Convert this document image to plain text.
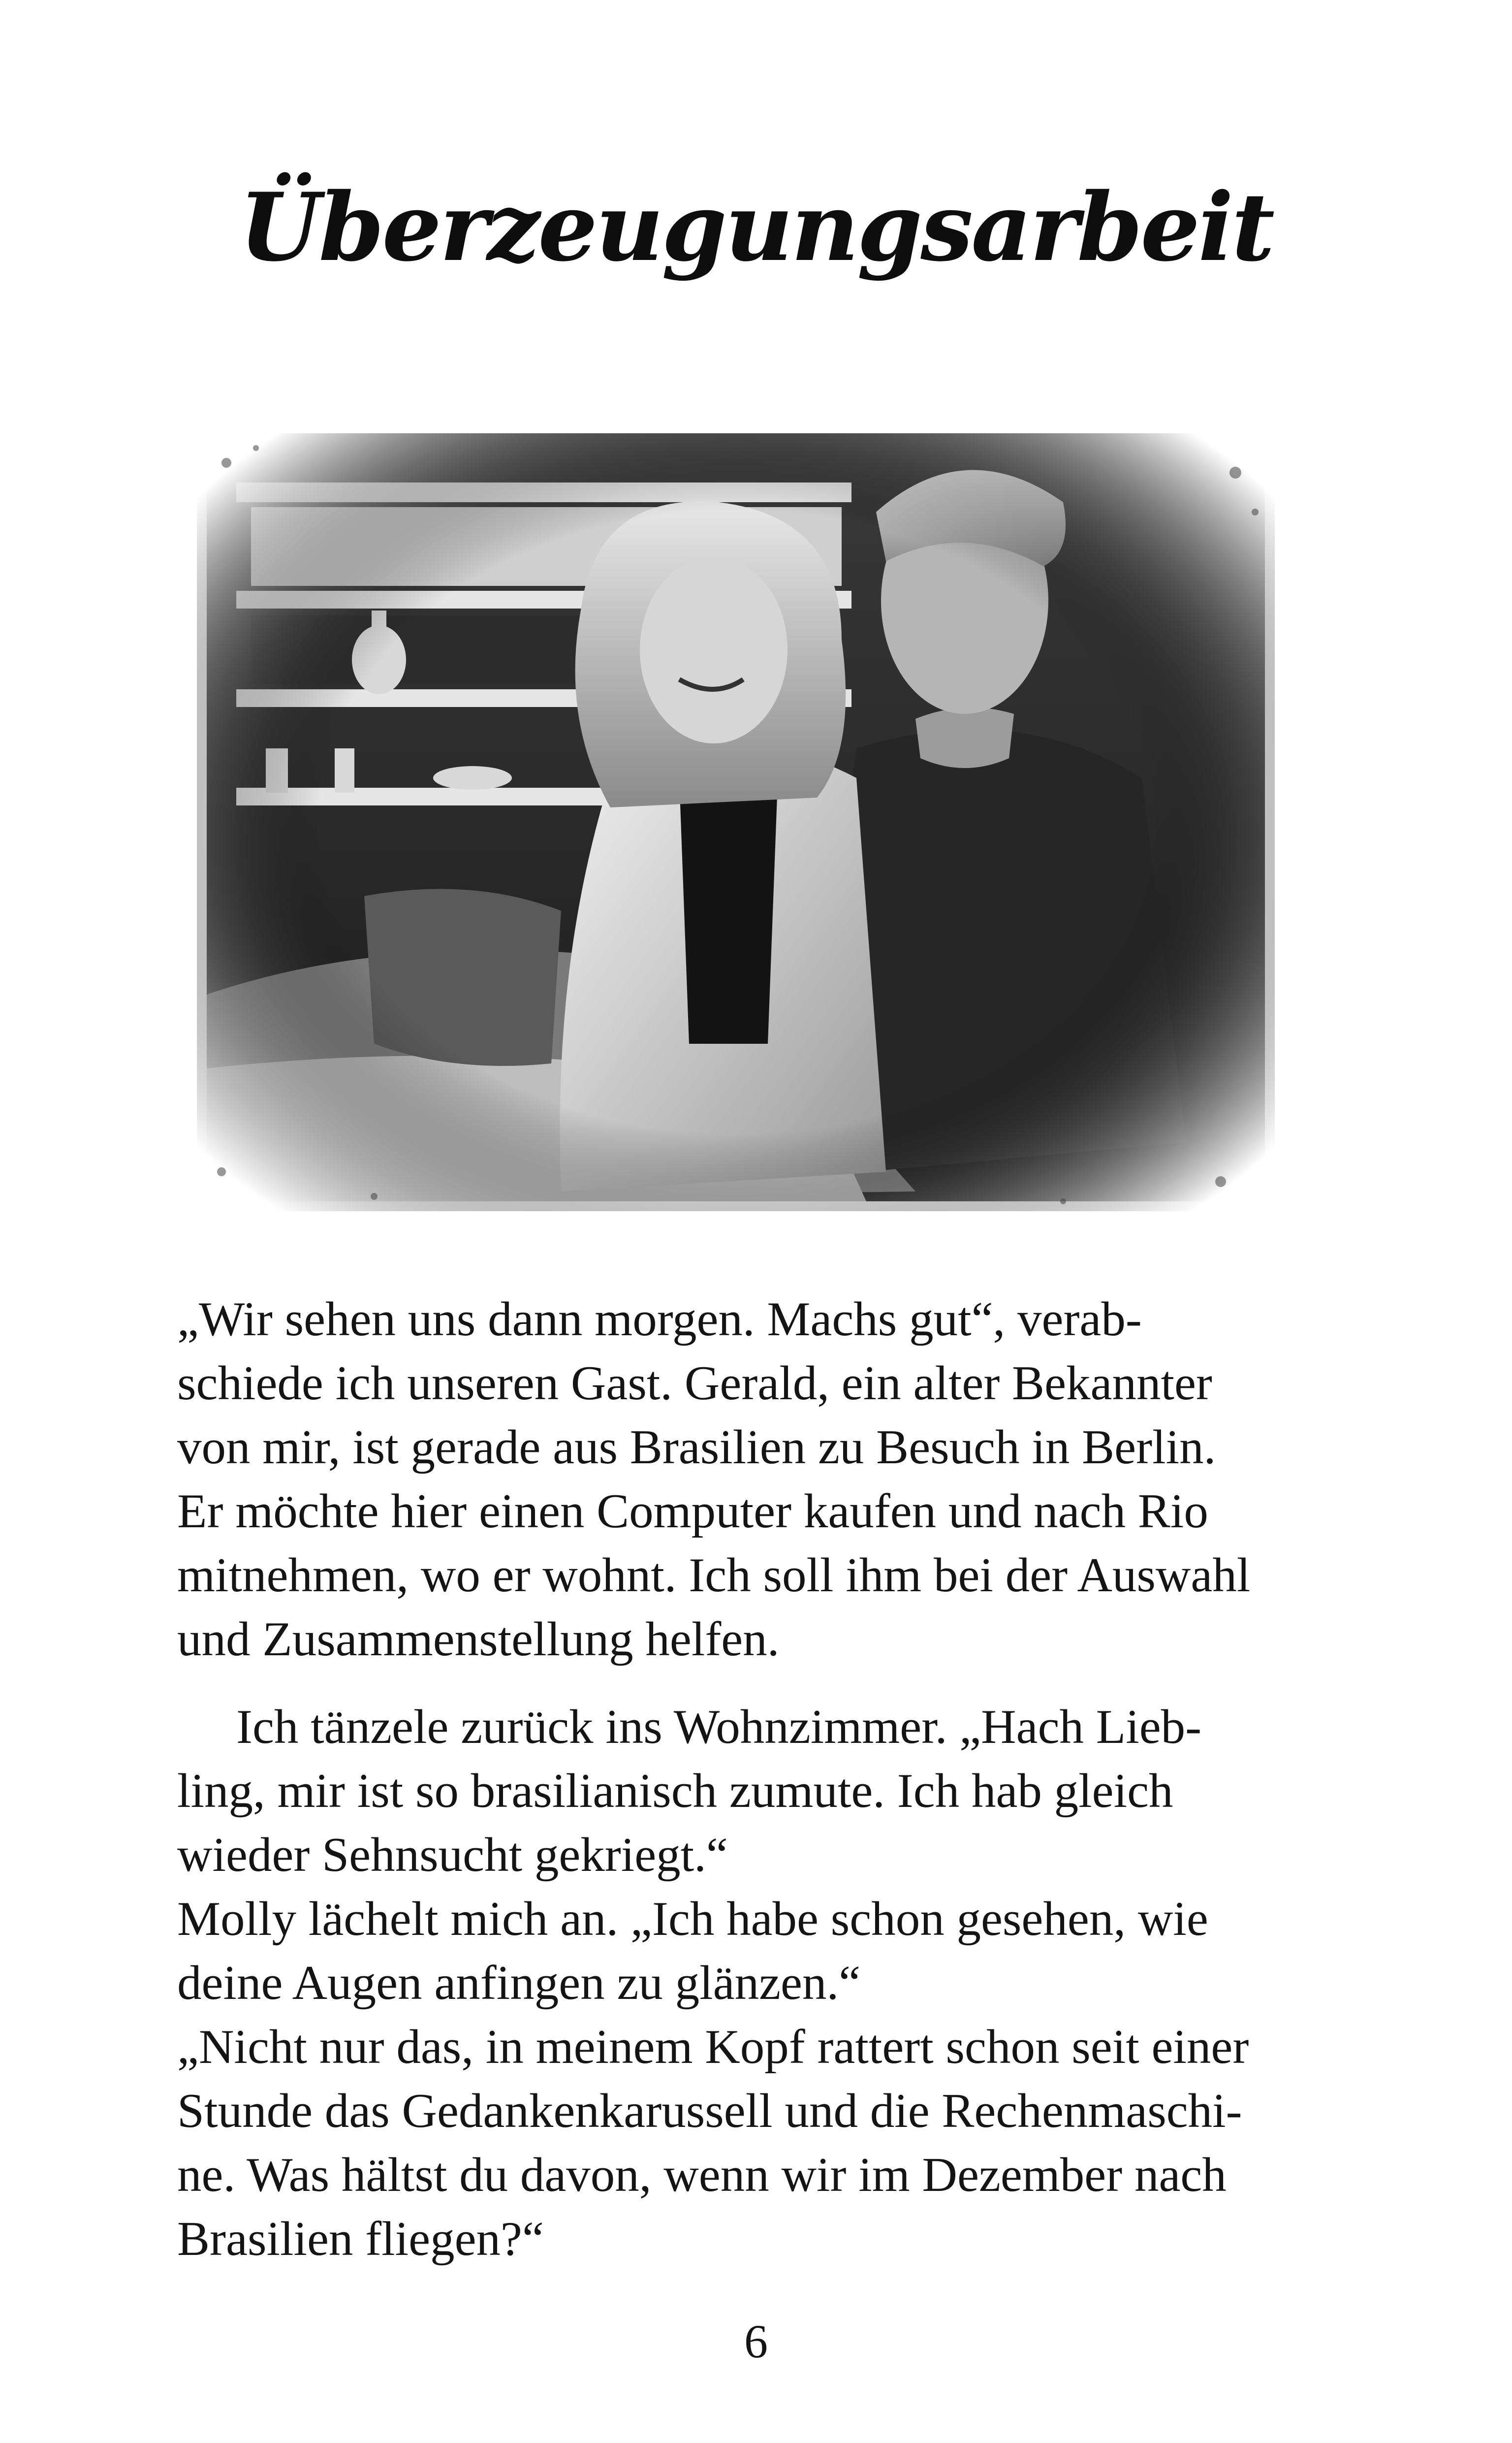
Überzeugungsarbeit

„Wir sehen uns dann morgen. Machs gut“, verab-
schiede ich unseren Gast. Gerald, ein alter Bekannter
von mir, ist gerade aus Brasilien zu Besuch in Berlin.
Er möchte hier einen Computer kaufen und nach Rio
mitnehmen, wo er wohnt. Ich soll ihm bei der Auswahl
und Zusammenstellung helfen.

Ich tänzele zurück ins Wohnzimmer. „Hach Lieb-
ling, mir ist so brasilianisch zumute. Ich hab gleich
wieder Sehnsucht gekriegt.“

Molly lächelt mich an. „Ich habe schon gesehen, wie
deine Augen anfingen zu glänzen.“

„Nicht nur das, in meinem Kopf rattert schon seit einer
Stunde das Gedankenkarussell und die Rechenmaschi-
ne. Was hältst du davon, wenn wir im Dezember nach
Brasilien fliegen?“

6
